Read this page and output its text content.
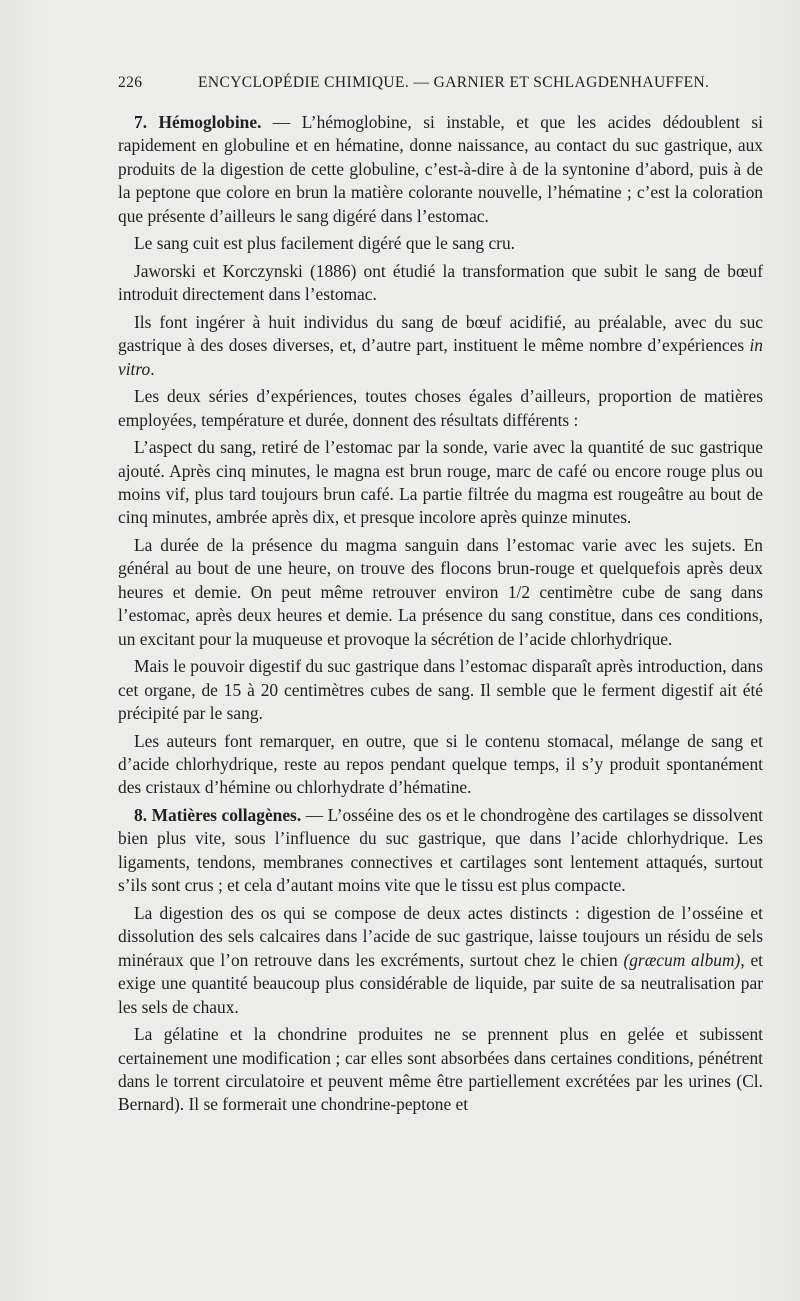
226	ENCYCLOPÉDIE CHIMIQUE. — GARNIER ET SCHLAGDENHAUFFEN.

7. Hémoglobine. — L’hémoglobine, si instable, et que les acides dédoublent si rapidement en globuline et en hématine, donne naissance, au contact du suc gastrique, aux produits de la digestion de cette globuline, c’est-à-dire à de la syntonine d’abord, puis à de la peptone que colore en brun la matière colorante nouvelle, l’hématine ; c’est la coloration que présente d’ailleurs le sang digéré dans l’estomac.

Le sang cuit est plus facilement digéré que le sang cru.

Jaworski et Korczynski (1886) ont étudié la transformation que subit le sang de bœuf introduit directement dans l’estomac.

Ils font ingérer à huit individus du sang de bœuf acidifié, au préalable, avec du suc gastrique à des doses diverses, et, d’autre part, instituent le même nombre d’expériences in vitro.

Les deux séries d’expériences, toutes choses égales d’ailleurs, proportion de matières employées, température et durée, donnent des résultats différents :

L’aspect du sang, retiré de l’estomac par la sonde, varie avec la quantité de suc gastrique ajouté. Après cinq minutes, le magna est brun rouge, marc de café ou encore rouge plus ou moins vif, plus tard toujours brun café. La partie filtrée du magma est rougeâtre au bout de cinq minutes, ambrée après dix, et presque incolore après quinze minutes.

La durée de la présence du magma sanguin dans l’estomac varie avec les sujets. En général au bout de une heure, on trouve des flocons brun-rouge et quelquefois après deux heures et demie. On peut même retrouver environ 1/2 centimètre cube de sang dans l’estomac, après deux heures et demie. La présence du sang constitue, dans ces conditions, un excitant pour la muqueuse et provoque la sécrétion de l’acide chlorhydrique.

Mais le pouvoir digestif du suc gastrique dans l’estomac disparaît après introduction, dans cet organe, de 15 à 20 centimètres cubes de sang. Il semble que le ferment digestif ait été précipité par le sang.

Les auteurs font remarquer, en outre, que si le contenu stomacal, mélange de sang et d’acide chlorhydrique, reste au repos pendant quelque temps, il s’y produit spontanément des cristaux d’hémine ou chlorhydrate d’hématine.

8. Matières collagènes. — L’osséine des os et le chondrogène des cartilages se dissolvent bien plus vite, sous l’influence du suc gastrique, que dans l’acide chlorhydrique. Les ligaments, tendons, membranes connectives et cartilages sont lentement attaqués, surtout s’ils sont crus ; et cela d’autant moins vite que le tissu est plus compacte.

La digestion des os qui se compose de deux actes distincts : digestion de l’osséine et dissolution des sels calcaires dans l’acide de suc gastrique, laisse toujours un résidu de sels minéraux que l’on retrouve dans les excréments, surtout chez le chien (græcum album), et exige une quantité beaucoup plus considérable de liquide, par suite de sa neutralisation par les sels de chaux.

La gélatine et la chondrine produites ne se prennent plus en gelée et subissent certainement une modification ; car elles sont absorbées dans certaines conditions, pénétrent dans le torrent circulatoire et peuvent même être partiellement excrétées par les urines (Cl. Bernard). Il se formerait une chondrine-peptone et
